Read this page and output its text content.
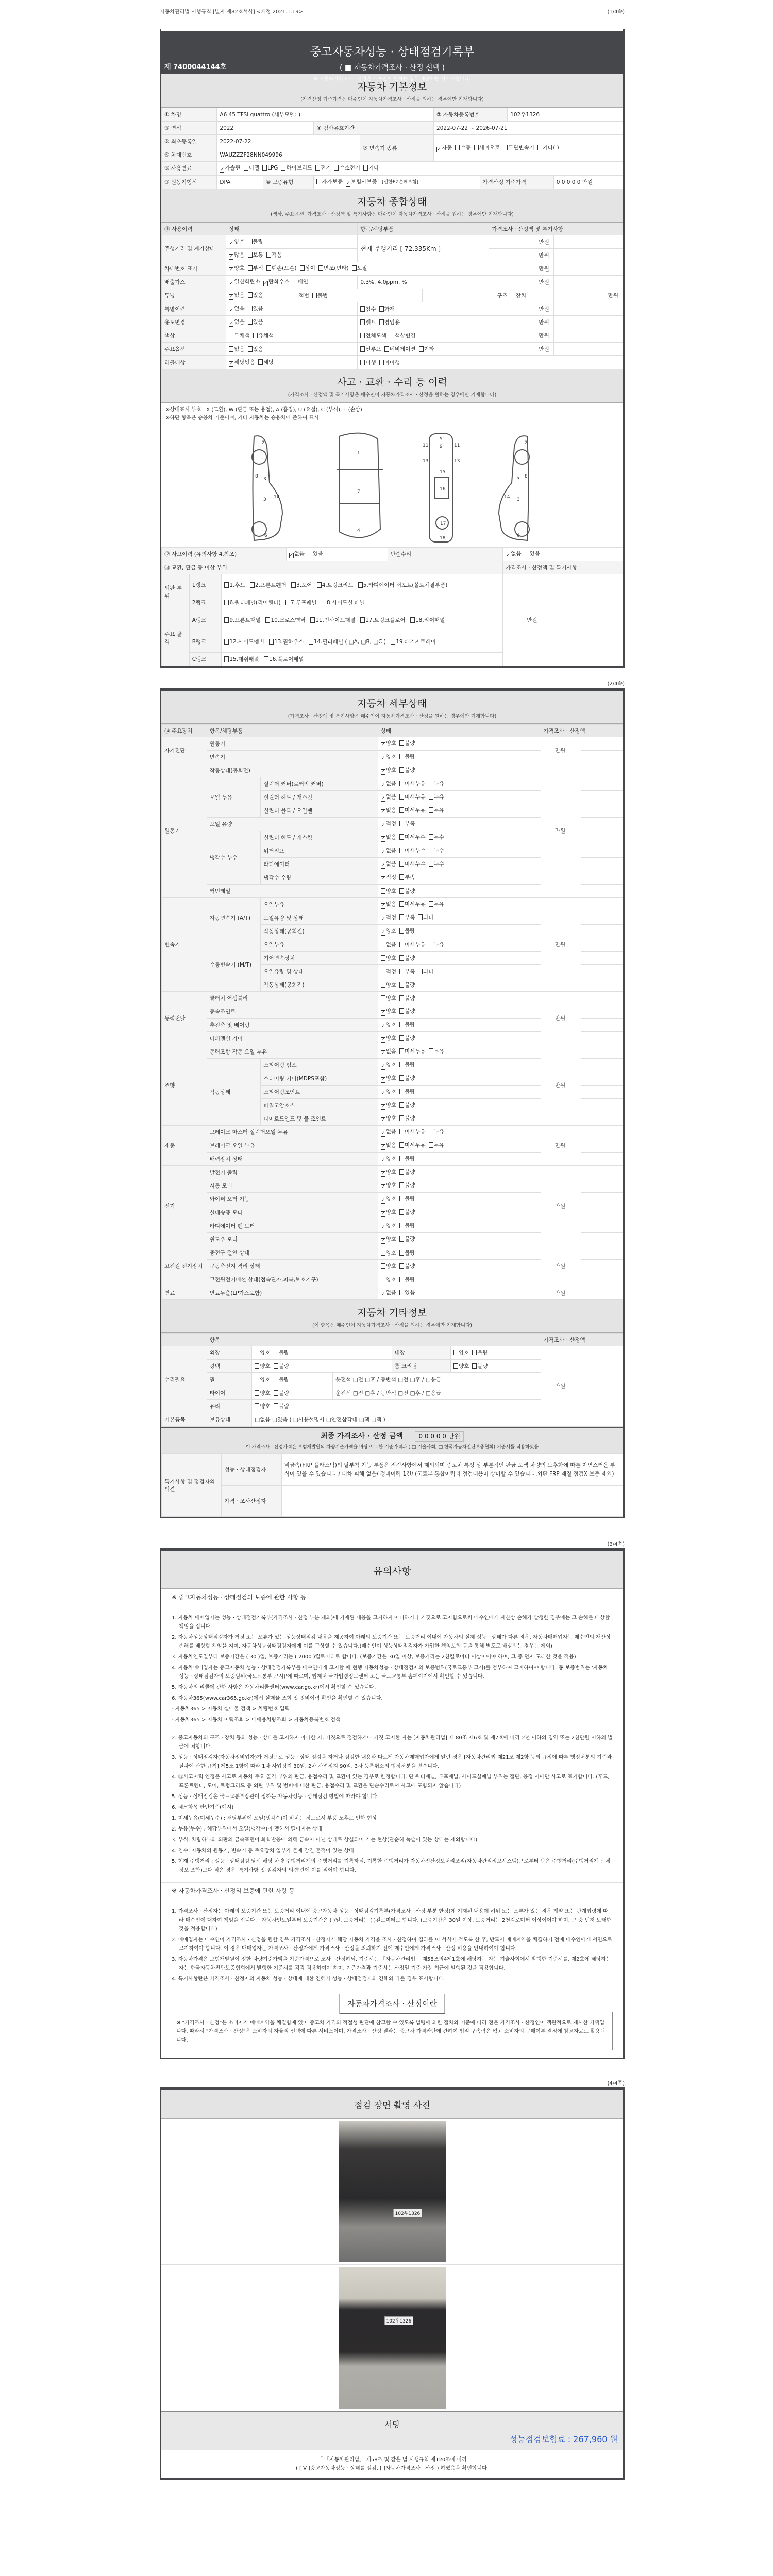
자동차관리법 시행규칙 [별지 제82호서식] <개정 2021.1.19>	(1/4쪽)
중고자동차성능 · 상태점검기록부
( ■ 자동차가격조사 · 산정 선택 )
※ 자동차가격조사 · 산정은 매수인이 원하는 경우 제공하는 서비스입니다.
제 7400044144호
자동차 기본정보
(가격산정 기준가격은 매수인이 자동차가격조사 · 산정을 원하는 경우에만 기재합니다)
① 차명	A6 45 TFSI quattro (세부모델: )			② 자동차등록번호	102우1326
③ 연식	2022	④ 검사유효기간		2022-07-22 ~ 2026-07-21	
⑤ 최초등록일	2022-07-22		⑦ 변속기 종류	✓자동 수동 세미오토 무단변속기 기타( )	
⑥ 차대번호	WAUZZZF28NN049996				
⑧ 사용연료	✓가솔린 디젤 LPG 하이브리드 전기 수소전기 기타				
⑨ 원동기형식	DPA	⑩ 보증유형	자가보증 ✓보험사보증 [신한EZ손해보험]	가격산정 기준가격	0 0 0 0 0 만원
자동차 종합상태
(색상, 주요옵션, 가격조사 · 산정액 및 특기사항은 매수인이 자동차가격조사 · 산정을 원하는 경우에만 기재합니다)
⑪ 사용이력	상태		항목/해당부품		가격조사 · 산정액 및 특기사항		
주행거리 및 계기상태	✓양호 불량		현재 주행거리 [ 72,335Km ]		만원		
	✓많음 보통 적음				만원		
차대번호 표기	✓양호 부식 훼손(오손) 상이 변조(변타) 도말				만원		
배출가스	✓일산화탄소 ✓탄화수소 매연		0.3%, 4.0ppm, %		만원		
튜닝	✓없음 있음	적법 불법			구조 장치	만원	
특별이력	✓없음 있음		침수 화재		만원		
용도변경	✓없음 있음		렌트 영업용		만원		
색상	무채색 유채색		전체도색 색상변경		만원		
주요옵션	없음 있음		썬루프 네비게이션 기타		만원		
리콜대상	✓해당없음 해당		이행 미이행				
사고 · 교환 · 수리 등 이력
(가격조사 · 산정액 및 특기사항은 매수인이 자동차가격조사 · 산정을 원하는 경우에만 기재합니다)
※상태표시 부호 : X (교환), W (판금 또는 용접), A (흠집), U (요철), C (부식), T (손상)
※하단 항목은 승용차 기준이며, 기타 자동차는 승용차에 준하여 표시
2
3
3
6
14
8
1
7
4
5
9
11	11
15
16
17
18
13	13
2
3
3
6
14
8
⑫ 사고이력 (유의사항 4.참조)			✓없음 있음	단순수리	✓없음 있음	
⑬ 교환, 판금 등 이상 부위					가격조사 · 산정액 및 특기사항	
외판 부위	1랭크	1.후드 2.프론트휀더 3.도어 4.트렁크리드 5.라디에이터 서포트(볼트체결부품)			만원	
	2랭크	6.쿼터패널(리어휀다) 7.루프패널 8.사이드실 패널				
주요 골격	A랭크	9.프론트패널 10.크로스멤버 11.인사이드패널 17.트렁크플로어 18.리어패널				
	B랭크	12.사이드멤버 13.휠하우스 14.필러패널 ( □A, □B, □C ) 19.패키지트레이				
	C랭크	15.대쉬패널 16.플로어패널				
(2/4쪽)
자동차 세부상태
(가격조사 · 산정액 및 특기사항은 매수인이 자동차가격조사 · 산정을 원하는 경우에만 기재합니다)
⑭ 주요장치	항목/해당부품		상태	가격조사 · 산정액	
자기진단	원동기		✓양호 불량	만원	
	변속기		✓양호 불량		
원동기	작동상태(공회전)		✓양호 불량	만원	
	오일 누유	실린더 커버(로커암 커버)	✓없음 미세누유 누유		
		실린더 헤드 / 개스킷	✓없음 미세누유 누유		
		실린더 블록 / 오일팬	✓없음 미세누유 누유		
	오일 유량		✓적정 부족		
	냉각수 누수	실린더 헤드 / 개스킷	✓없음 미세누수 누수		
		워터펌프	✓없음 미세누수 누수		
		라디에이터	✓없음 미세누수 누수		
		냉각수 수량	✓적정 부족		
	커먼레일		양호 불량		
변속기	자동변속기 (A/T)	오일누유	✓없음 미세누유 누유	만원	
		오일유량 및 상태	✓적정 부족 과다		
		작동상태(공회전)	✓양호 불량		
	수동변속기 (M/T)	오일누유	없음 미세누유 누유		
		기어변속장치	양호 불량		
		오일유량 및 상태	적정 부족 과다		
		작동상태(공회전)	양호 불량		
동력전달	클러치 어셈블리		양호 불량	만원	
	등속조인트		✓양호 불량		
	추진축 및 베어링		✓양호 불량		
	디퍼렌셜 기어		✓양호 불량		
조향	동력조향 작동 오일 누유		✓없음 미세누유 누유	만원	
	작동상태	스티어링 펌프	✓양호 불량		
		스티어링 기어(MDPS포함)	✓양호 불량		
		스티어링조인트	✓양호 불량		
		파워고압호스	✓양호 불량		
		타이로드엔드 및 볼 조인트	✓양호 불량		
제동	브레이크 마스터 실린더오일 누유		✓없음 미세누유 누유	만원	
	브레이크 오일 누유		✓없음 미세누유 누유		
	배력장치 상태		✓양호 불량		
전기	발전기 출력		✓양호 불량	만원	
	시동 모터		✓양호 불량		
	와이퍼 모터 기능		✓양호 불량		
	실내송풍 모터		✓양호 불량		
	라디에이터 팬 모터		✓양호 불량		
	윈도우 모터		✓양호 불량		
고전원 전기장치	충전구 절연 상태		양호 불량	만원	
	구동축전지 격리 상태		양호 불량		
	고전원전기배선 상태(접속단자,피복,보호기구)		양호 불량		
연료	연료누출(LP가스포함)		✓없음 있음	만원	
자동차 기타정보
(이 항목은 매수인이 자동차가격조사 · 산정을 원하는 경우에만 기재합니다)
	항목					가격조사 · 산정액	
수리필요	외장	양호 불량		내장	양호 불량	만원	
	광택	양호 불량		룸 크리닝	양호 불량		
	휠	양호 불량	운전석 □전 □후 / 동반석 □전 □후 / □응급				
	타이어	양호 불량	운전석 □전 □후 / 동반석 □전 □후 / □응급				
	유리	양호 불량					
기본품목	보유상태	□없음 □있음 ( □사용설명서 □안전삼각대 □잭 □잭 )					
최종 가격조사 · 산정 금액	0 0 0 0 0 만원
이 가격조사 · 산정가격은 보험개발원의 차량기준가액을 바탕으로 한 기준가격과 ( □ 기술사회, □ 한국자동차진단보증협회) 기준서를 적용하였음
특기사항 및 점검자의 의견	성능 · 상태점검자	비금속(FRP 플라스틱)의 탈부착 가능 부품은 점검사항에서 제외되며 중고차 특성 상 부분적인 판금,도색 차량의 노후화에 따른 자연스러운 부식이 있을 수 있습니다 / 내차 피해 없음/ 정비이력 1건/ (국토부 통합이력과 점검내용이 상이할 수 있습니다.외판 FRP 재질 점검X 보증 제외)
	가격 · 조사산정자	
(3/4쪽)
유의사항
※ 중고자동차성능 · 상태점검의 보증에 관한 사항 등
1. 자동차 매매업자는 성능 · 상태점검기록부(가격조사 · 산정 부분 제외)에 기재된 내용을 고지하지 아니하거나 거짓으로 고지함으로써 매수인에게 재산상 손해가 발생한 경우에는 그 손해를 배상할 책임을 집니다.
2. 자동차성능상태점검자가 거짓 또는 오류가 있는 성능상태점검 내용을 제공하여 아래의 보증기간 또는 보증거리 이내에 자동차의 실제 성능 · 상태가 다른 경우, 자동차매매업자는 매수인의 재산상 손해를 배상할 책임을 지며, 자동차성능상태점검자에게 이를 구상할 수 있습니다.(매수인이 성능상태점검자가 가입한 책임보험 등을 통해 별도로 배상받는 경우는 제외)
3. 자동차인도일부터 보증기간은 ( 30 )일, 보증거리는 ( 2000 )킬로미터로 합니다. (보증기간은 30일 이상, 보증거리는 2천킬로미터 이상이어야 하며, 그 중 먼저 도래한 것을 적용)
4. 자동차매매업자는 중고자동차 성능 · 상태점검기록부를 매수인에게 고지할 때 현행 자동차성능 · 상태점검자의 보증범위(국토교통부 고시)를 첨부하여 고지하여야 합니다. 동 보증범위는 '자동차성능 · 상태점검자의 보증범위(국토교통부 고시)'에 따르며, 법제처 국가법령정보센터 또는 국토교통부 홈페이지에서 확인할 수 있습니다.
5. 자동차의 리콜에 관한 사항은 자동차리콜센터(www.car.go.kr)에서 확인할 수 있습니다.
6. 자동차365(www.car365.go.kr)에서 실매물 조회 및 정비이력 확인을 확인할 수 있습니다.
- 자동차365 > 자동차 실매물 검색 > 차량번호 입력
- 자동차365 > 자동차 이력조회 > 매매용차량조회 > 자동차등록번호 검색
2. 중고자동차의 구조 · 장치 등의 성능 · 상태를 고지하지 아니한 자, 거짓으로 점검하거나 거짓 고지한 자는 [자동차관리법] 제 80조 제6호 및 제7호에 따라 2년 이하의 징역 또는 2천만원 이하의 벌금에 처합니다.
3. 성능 · 상태점검자(자동차정비업자)가 거짓으로 성능 · 상태 점검을 하거나 점검한 내용과 다르게 자동차매매업자에게 알린 경우 [자동차관리법 제21조 제2항 등의 규정에 따른 행정처분의 기준과 절차에 관한 규칙] 제5조 1항에 따라 1차 사업정지 30일, 2차 사업정지 90일, 3차 등록취소의 행정처분을 받습니다.
4. ⑫사고이력 인정은 사고로 자동차 주요 골격 부위의 판금, 용접수리 및 교환이 있는 경우로 한정합니다. 단 쿼터패널, 루프패널, 사이드실패널 부위는 절단, 용접 시에만 사고로 표기합니다. (후드, 프론트펜더, 도어, 트렁크리드 등 외판 부위 및 범퍼에 대한 판금, 용접수리 및 교환은 단순수리로서 사고에 포함되지 않습니다)
5. 성능 · 상태점검은 국토교통부장관이 정하는 자동차성능 · 상태점검 방법에 따라야 합니다.
6. 체크항목 판단기준(예시)
1. 미세누유(미세누수) : 해당부위에 오일(냉각수)이 비치는 정도로서 부품 노후로 인한 현상
2. 누유(누수) : 해당부위에서 오일(냉각수)이 맺혀서 떨어지는 상태
3. 부식: 차량하부와 외판의 금속표면이 화학반응에 의해 금속이 아닌 상태로 상실되어 가는 현상(단순히 녹슬어 있는 상태는 제외합니다)
4. 침수: 자동차의 원동기, 변속기 등 주요장치 일부가 물에 잠긴 흔적이 있는 상태
5. 현재 주행거리 : 성능 · 상태점검 당시 해당 차량 주행거리계의 주행거리를 기록하되, 기록한 주행거리가 자동차전산정보처리조직(자동차관리정보시스템)으로부터 받은 주행거리(주행거리계 교체 정보 포함)보다 적은 경우 '특기사항 및 점검자의 의견'란에 이를 적어야 합니다.
※ 자동차가격조사 · 산정의 보증에 관한 사항 등
1. 가격조사 · 산정자는 아래의 보증기간 또는 보증거리 이내에 중고자동차 성능 · 상태점검기록부(가격조사 · 산정 부분 한정)에 기재된 내용에 허위 또는 오류가 있는 경우 계약 또는 관계법령에 따라 매수인에 대하여 책임을 집니다. · 자동차인도일부터 보증기간은 ( )일, 보증거리는 ( )킬로미터로 합니다. (보증기간은 30일 이상, 보증거리는 2천킬로미터 이상이어야 하며, 그 중 먼저 도래한 것을 적용합니다)
2. 매매업자는 매수인이 가격조사 · 산정을 원할 경우 가격조사 · 산정자가 해당 자동차 가격을 조사 · 산정하여 결과를 이 서식에 적도록 한 후, 반드시 매매계약을 체결하기 전에 매수인에게 서면으로 고지하여야 합니다. 이 경우 매매업자는 가격조사 · 산정자에게 가격조사 · 산정을 의뢰하기 전에 매수인에게 가격조사 · 산정 비용을 안내하여야 합니다.
3. 자동차가격은 보험개발원이 정한 차량기준가액을 기준가격으로 조사 · 산정하되, 기준서는 「자동차관리법」 제58조의4제1호에 해당하는 자는 기술사회에서 발행한 기준서를, 제2호에 해당하는 자는 한국자동차진단보증협회에서 발행한 기준서를 각각 적용하여야 하며, 기준가격과 기준서는 산정일 기준 가장 최근에 발행된 것을 적용합니다.
4. 특기사항란은 가격조사 · 산정자의 자동차 성능 · 상태에 대한 견해가 성능 · 상태점검자의 견해와 다를 경우 표시합니다.
자동차가격조사 · 산정이란
※ "가격조사 · 산정"은 소비자가 매매계약을 체결함에 있어 중고차 가격의 적절성 판단에 참고할 수 있도록 법령에 의한 절차와 기준에 따라 전문 가격조사 · 산정인이 객관적으로 제시한 가액입니다. 따라서 "가격조사 · 산정"은 소비자의 자율적 선택에 따른 서비스이며, 가격조사 · 산정 결과는 중고차 가격판단에 관하여 법적 구속력은 없고 소비자의 구매여부 결정에 참고자료로 활용됩니다.
(4/4쪽)
점검 장면 촬영 사진
102우1326
102우1326
서명
성능점검보험료 : 267,960 원
「 「자동차관리법」 제58조 및 같은 법 시행규칙 제120조에 따라
( [ V ]중고자동차성능 · 상태를 점검, [ ]자동차가격조사 · 산정 ) 하였음을 확인합니다.
